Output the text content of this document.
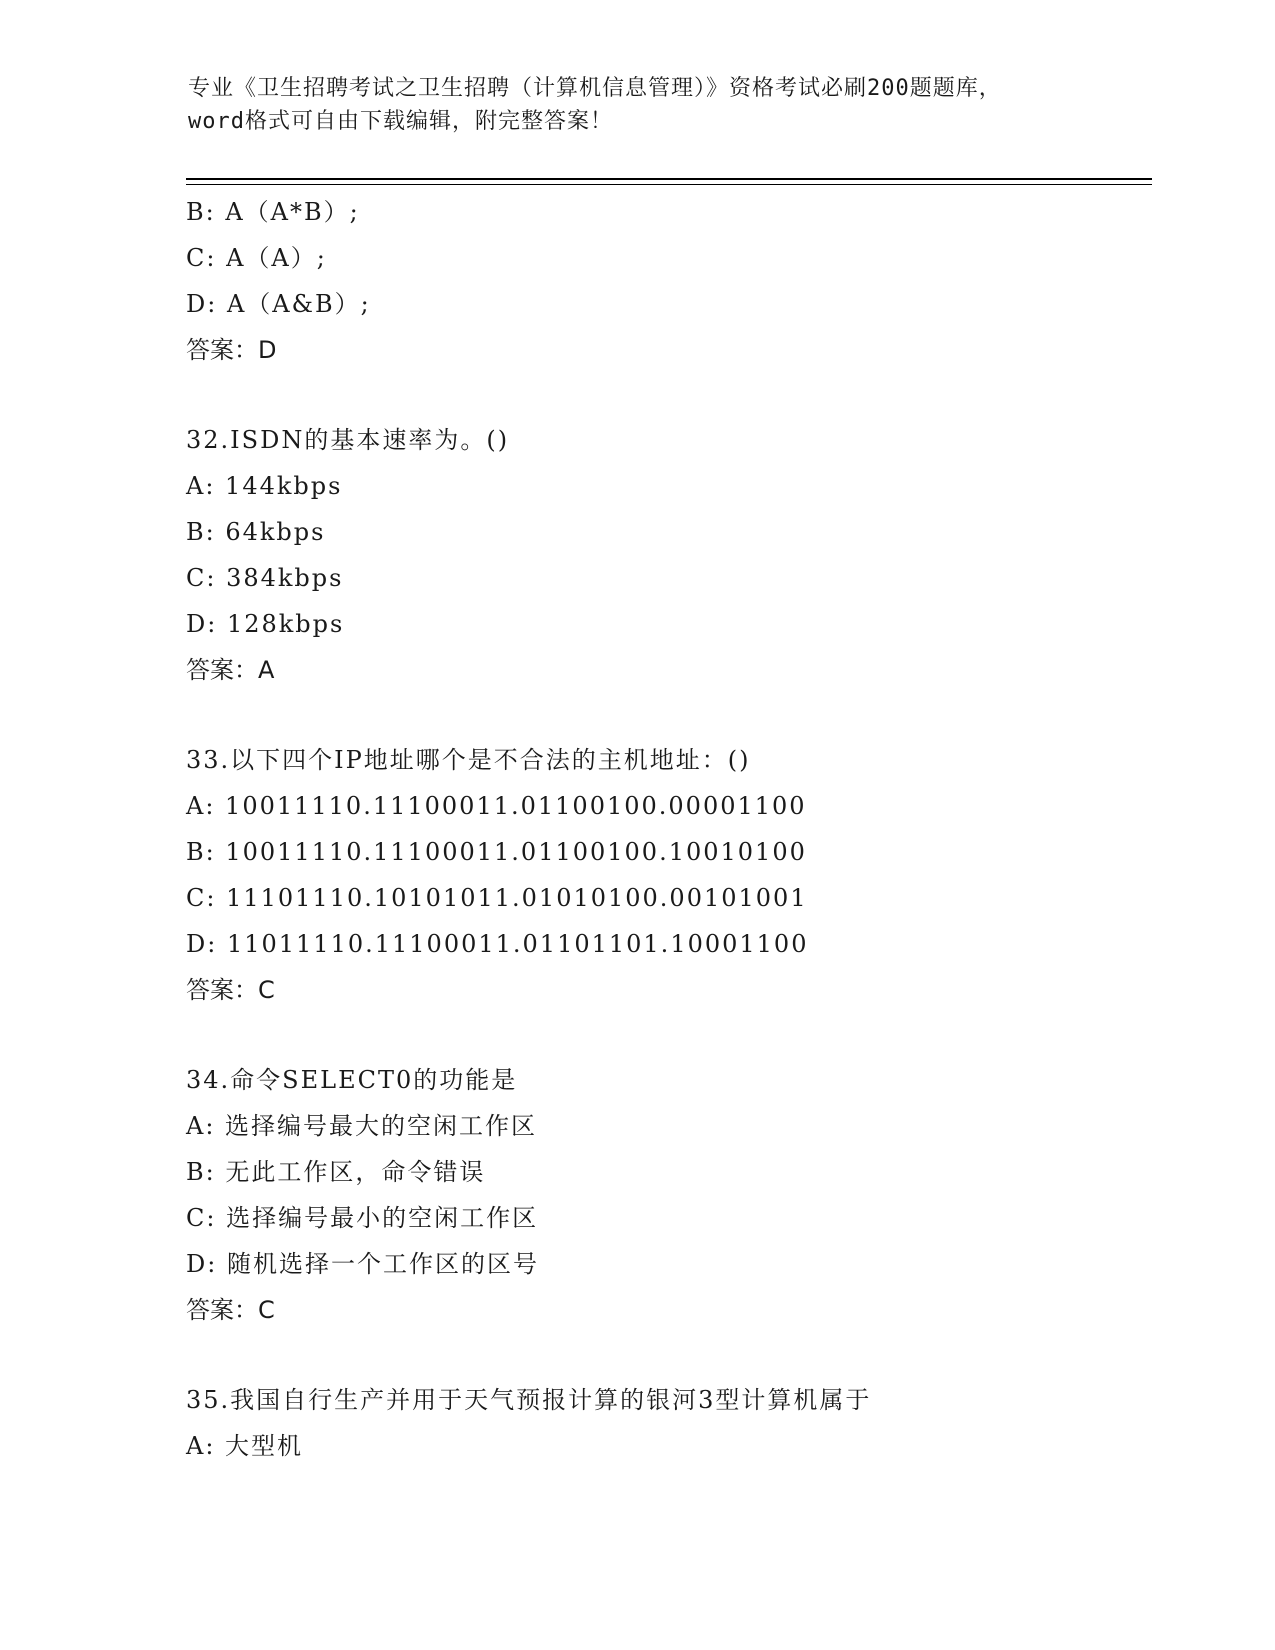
专业《卫生招聘考试之卫生招聘（计算机信息管理）》资格考试必刷200题题库，
word格式可自由下载编辑，附完整答案！
B: A（A*B）;
C: A（A）;
D: A（A&B）;
答案：D
32.ISDN的基本速率为。()
A: 144kbps
B: 64kbps
C: 384kbps
D: 128kbps
答案：A
33.以下四个IP地址哪个是不合法的主机地址：()
A: 10011110.11100011.01100100.00001100
B: 10011110.11100011.01100100.10010100
C: 11101110.10101011.01010100.00101001
D: 11011110.11100011.01101101.10001100
答案：C
34.命令SELECT0的功能是
A: 选择编号最大的空闲工作区
B: 无此工作区，命令错误
C: 选择编号最小的空闲工作区
D: 随机选择一个工作区的区号
答案：C
35.我国自行生产并用于天气预报计算的银河3型计算机属于
A: 大型机
